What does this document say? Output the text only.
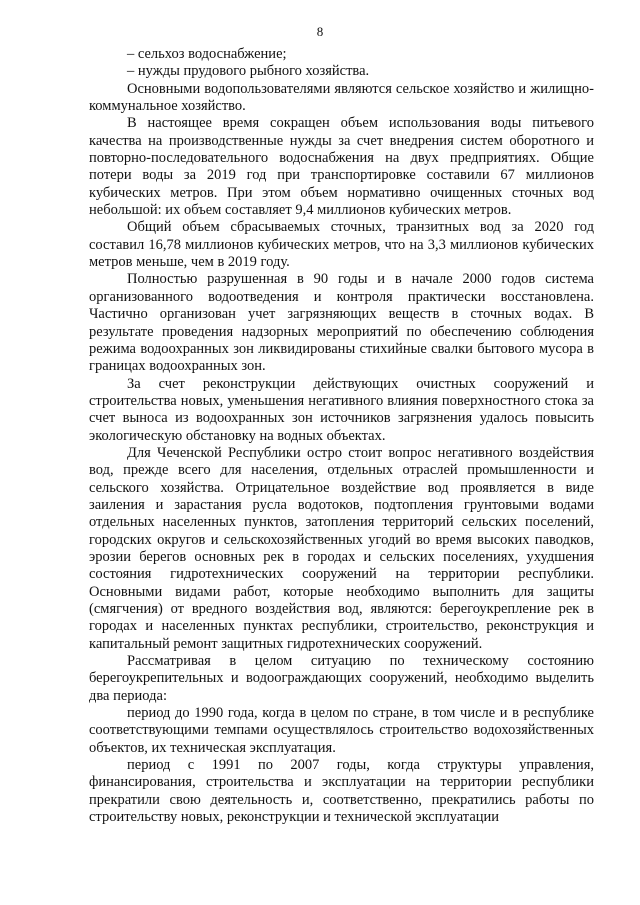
8

– сельхоз водоснабжение;

– нужды прудового рыбного хозяйства.

Основными водопользователями являются сельское хозяйство и жилищно-коммунальное хозяйство.

В настоящее время сокращен объем использования воды питьевого качества на производственные нужды за счет внедрения систем оборотного и повторно-последовательного водоснабжения на двух предприятиях. Общие потери воды за 2019 год при транспортировке составили 67 миллионов кубических метров. При этом объем нормативно очищенных сточных вод небольшой: их объем составляет 9,4 миллионов кубических метров.

Общий объем сбрасываемых сточных, транзитных вод за 2020 год составил 16,78 миллионов кубических метров, что на 3,3 миллионов кубических метров меньше, чем в 2019 году.

Полностью разрушенная в 90 годы и в начале 2000 годов система организованного водоотведения и контроля практически восстановлена. Частично организован учет загрязняющих веществ в сточных водах. В результате проведения надзорных мероприятий по обеспечению соблюдения режима водоохранных зон ликвидированы стихийные свалки бытового мусора в границах водоохранных зон.

За счет реконструкции действующих очистных сооружений и строительства новых, уменьшения негативного влияния поверхностного стока за счет выноса из водоохранных зон источников загрязнения удалось повысить экологическую обстановку на водных объектах.

Для Чеченской Республики остро стоит вопрос негативного воздействия вод, прежде всего для населения, отдельных отраслей промышленности и сельского хозяйства. Отрицательное воздействие вод проявляется в виде заиления и зарастания русла водотоков, подтопления грунтовыми водами отдельных населенных пунктов, затопления территорий сельских поселений, городских округов и сельскохозяйственных угодий во время высоких паводков, эрозии берегов основных рек в городах и сельских поселениях, ухудшения состояния гидротехнических сооружений на территории республики. Основными видами работ, которые необходимо выполнить для защиты (смягчения) от вредного воздействия вод, являются: берегоукрепление рек в городах и населенных пунктах республики, строительство, реконструкция и капитальный ремонт защитных гидротехнических сооружений.

Рассматривая в целом ситуацию по техническому состоянию берегоукрепительных и водоограждающих сооружений, необходимо выделить два периода:

период до 1990 года, когда в целом по стране, в том числе и в республике соответствующими темпами осуществлялось строительство водохозяйственных объектов, их техническая эксплуатация.

период с 1991 по 2007 годы, когда структуры управления, финансирования, строительства и эксплуатации на территории республики прекратили свою деятельность и, соответственно, прекратились работы по строительству новых, реконструкции и технической эксплуатации
